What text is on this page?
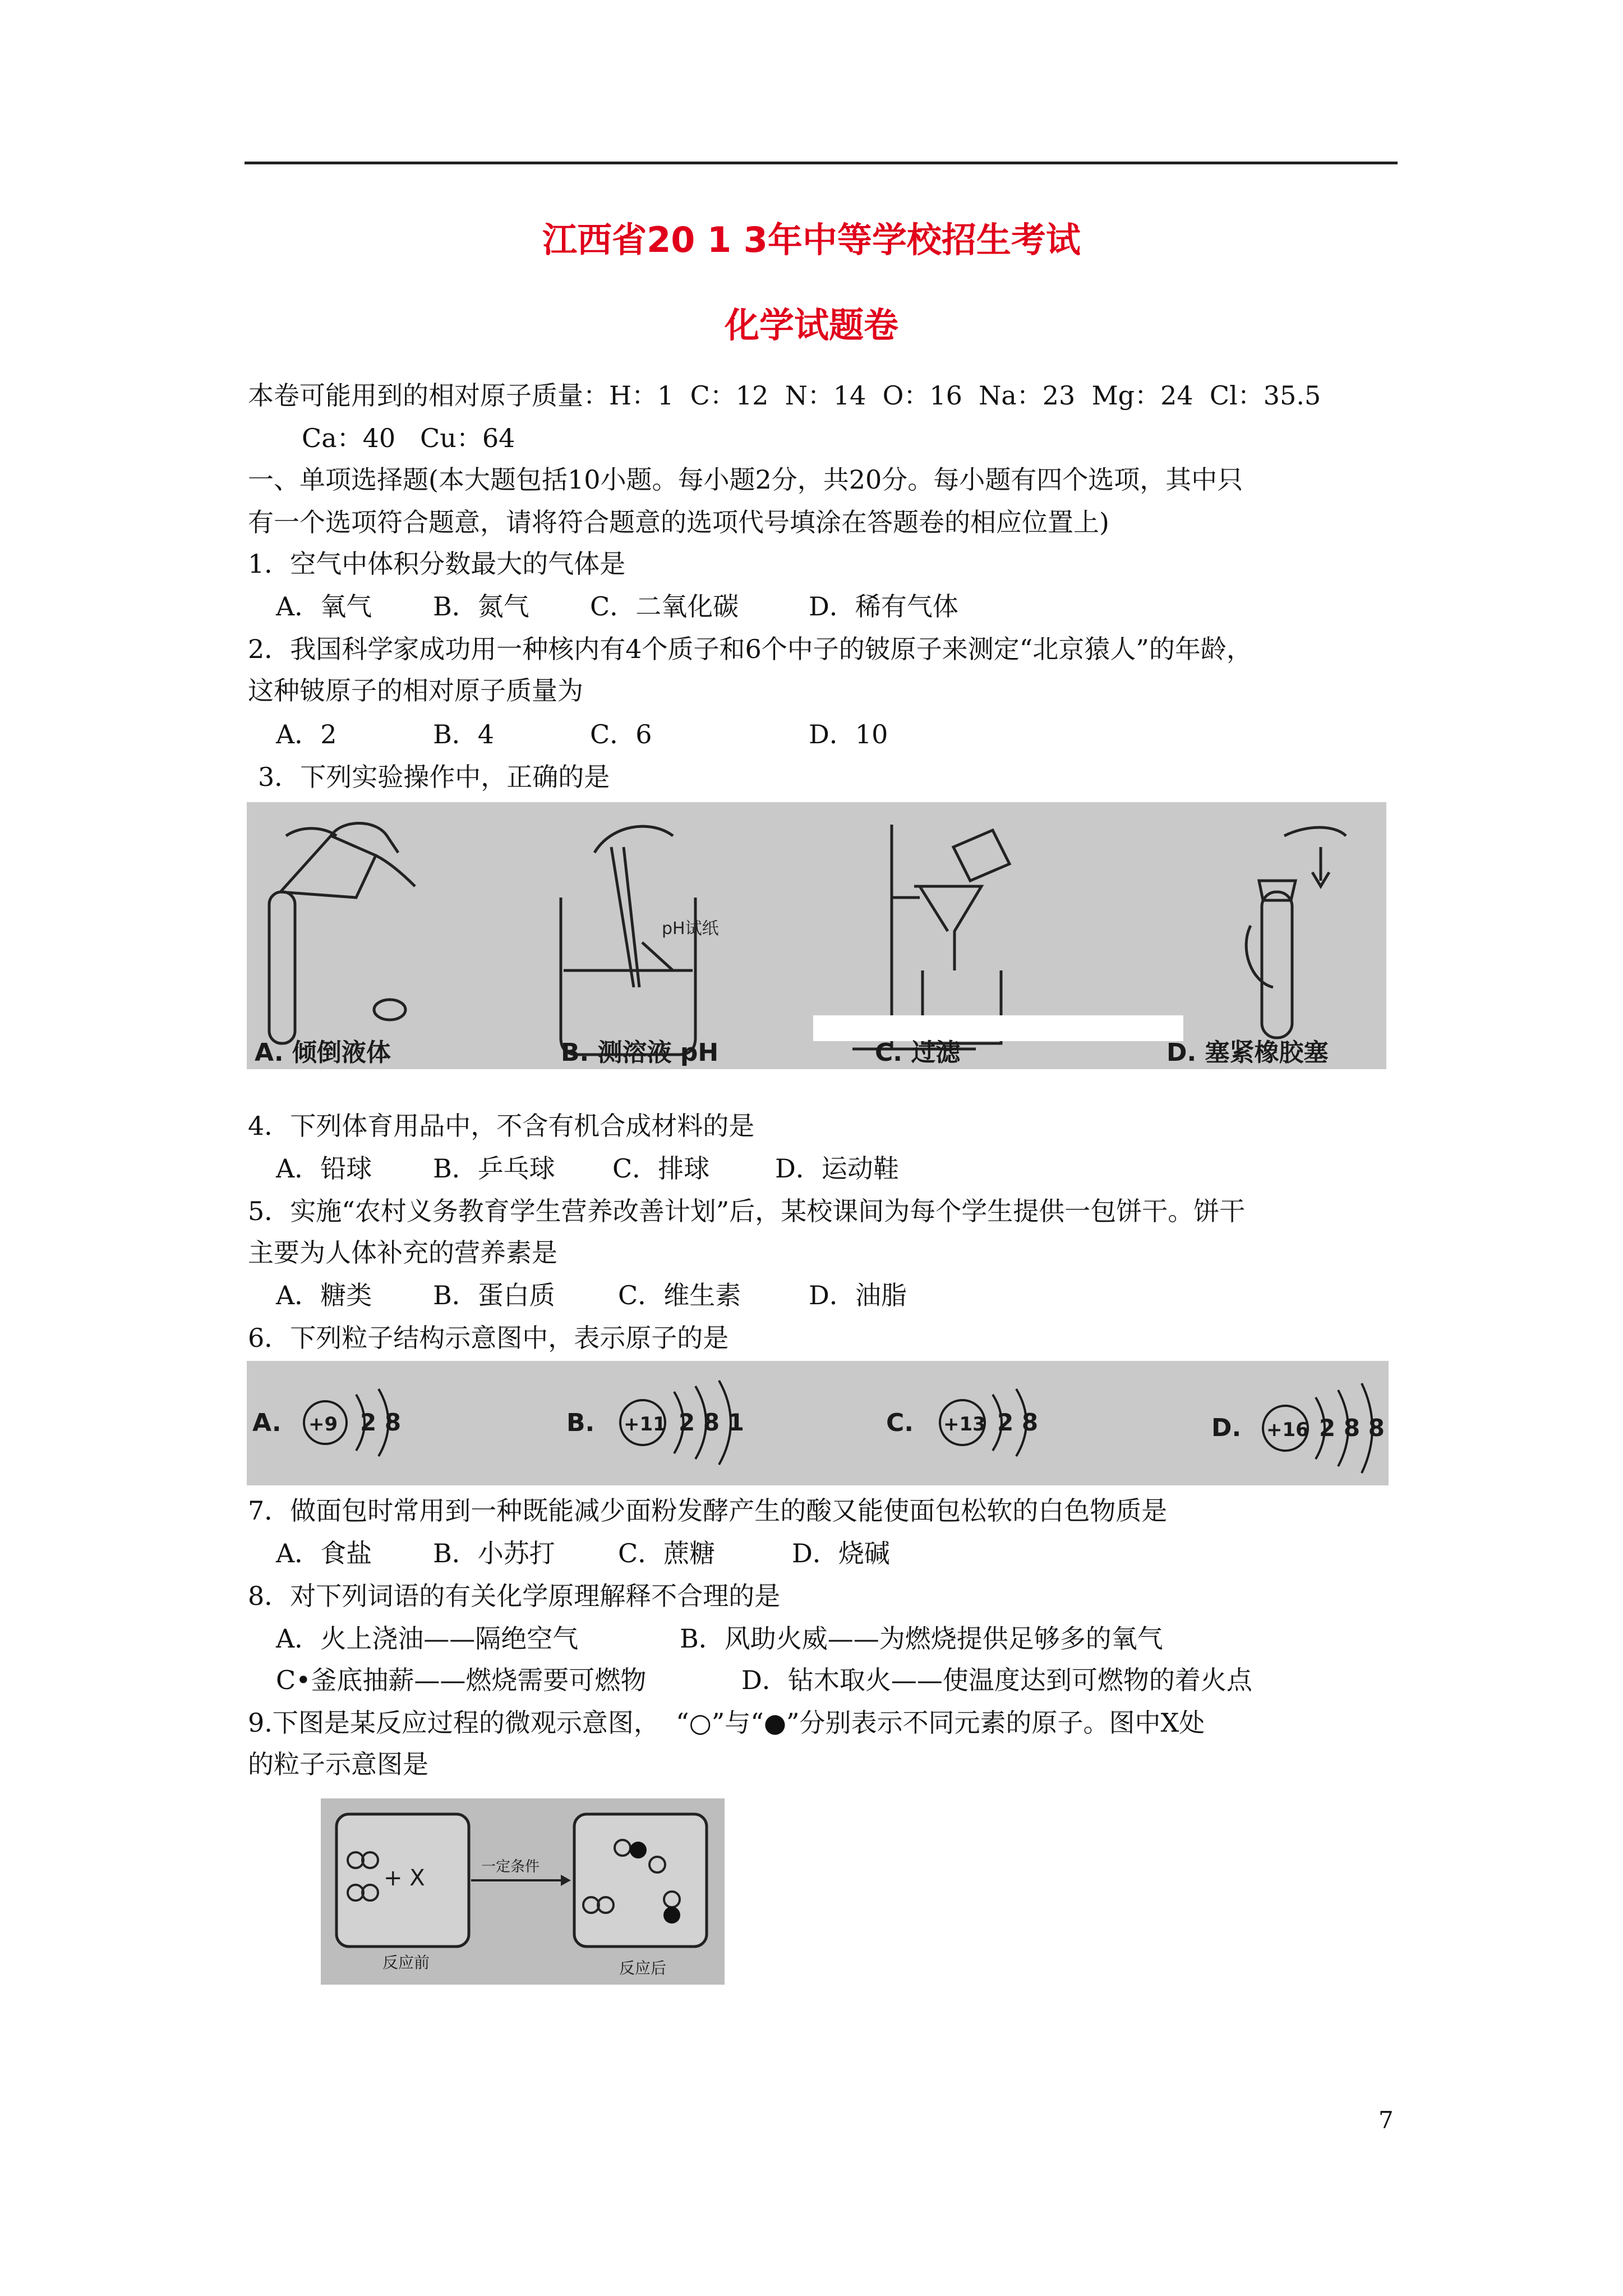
江西省20 1 3年中等学校招生考试
化学试题卷
本卷可能用到的相对原子质量：H：1  C：12  N：14  O：16  Na：23  Mg：24  Cl：35.5
Ca：40   Cu：64
一、单项选择题(本大题包括10小题。每小题2分，共20分。每小题有四个选项，其中只
有一个选项符合题意，请将符合题意的选项代号填涂在答题卷的相应位置上)
1．空气中体积分数最大的气体是
A．氧气 B．氮气 C．二氧化碳	D．稀有气体
2．我国科学家成功用一种核内有4个质子和6个中子的铍原子来测定“北京猿人”的年龄，
这种铍原子的相对原子质量为
A．2	B．4	C．6	D．10
3．下列实验操作中，正确的是
pH试纸
A. 倾倒液体	B. 测溶液 pH	C. 过滤	D. 塞紧橡胶塞
4．下列体育用品中，不含有机合成材料的是
A．铅球 B．乒乓球 C．排球	D．运动鞋
5．实施“农村义务教育学生营养改善计划”后，某校课间为每个学生提供一包饼干。饼干
主要为人体补充的营养素是
A．糖类 B．蛋白质 C．维生素	D．油脂
6．下列粒子结构示意图中，表示原子的是
A. +9 2 8	B. +11 2 8 1	C. +13 2 8	D. +16 2 8 8
7．做面包时常用到一种既能减少面粉发酵产生的酸又能使面包松软的白色物质是
A．食盐 B．小苏打 C．蔗糖	D．烧碱
8．对下列词语的有关化学原理解释不合理的是
A．火上浇油——隔绝空气	B．风助火威——为燃烧提供足够多的氧气
C•釜底抽薪——燃烧需要可燃物	D．钻木取火——使温度达到可燃物的着火点
9.下图是某反应过程的微观示意图，  “○”与“●”分别表示不同元素的原子。图中X处
的粒子示意图是
+ X	一定条件
反应前	反应后
7
